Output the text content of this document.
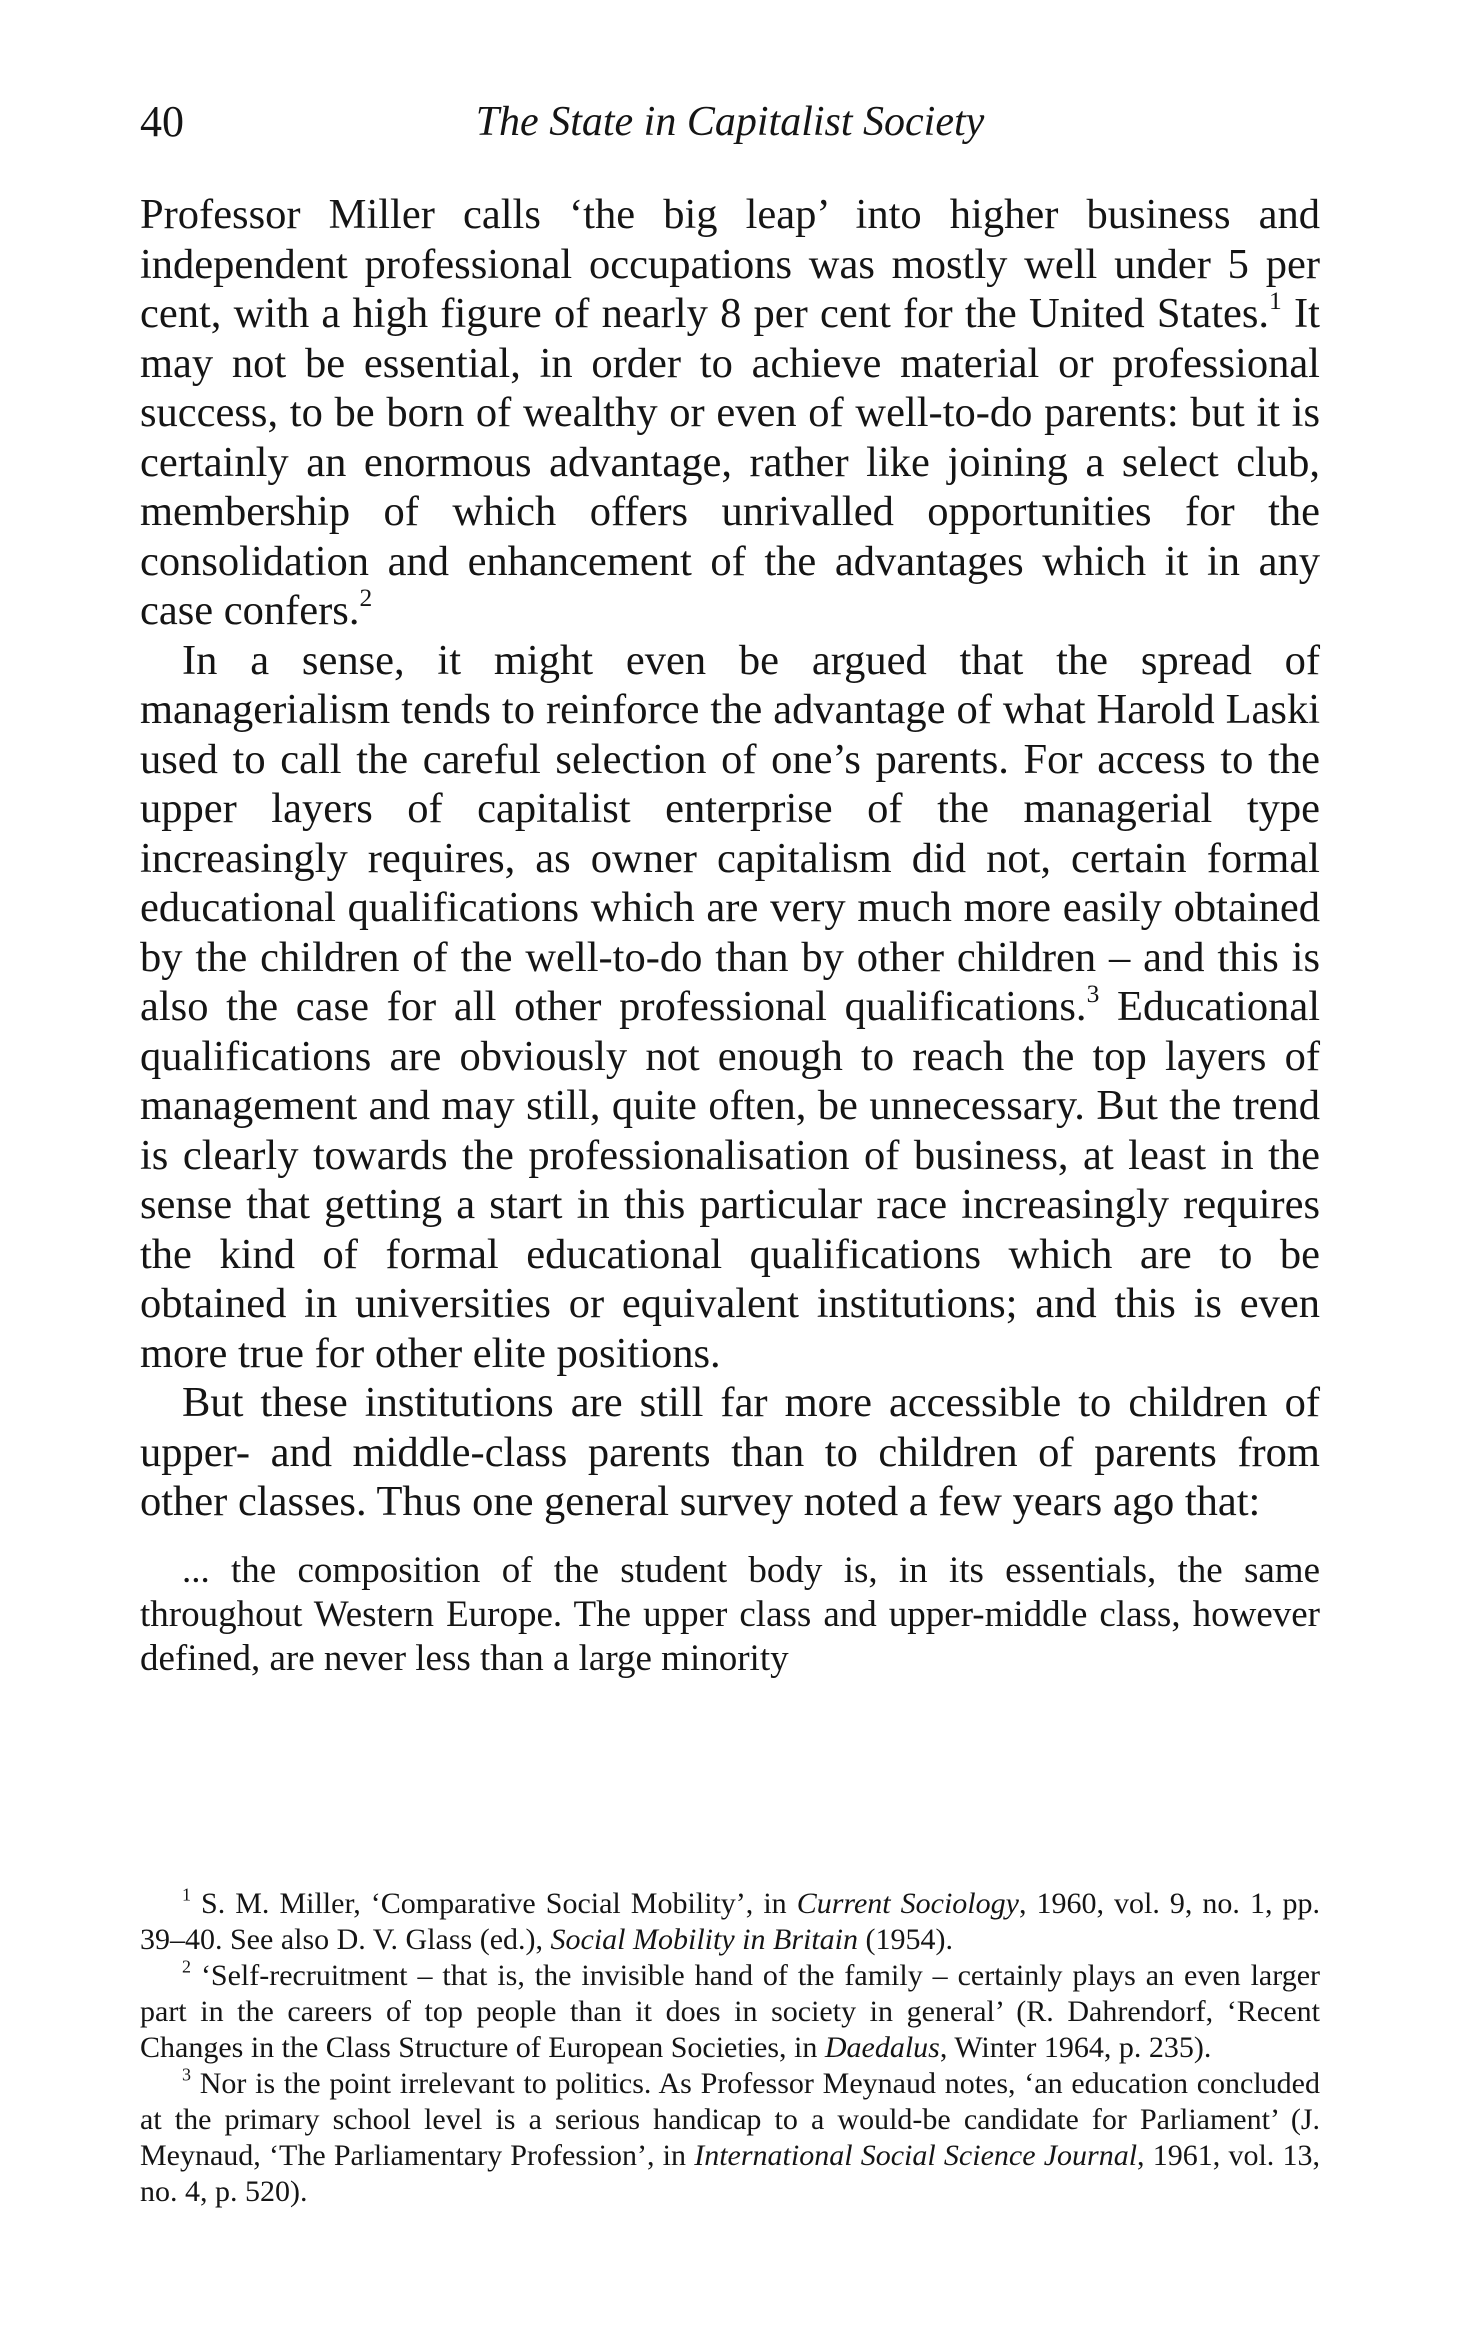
40	The State in Capitalist Society

Professor Miller calls ‘the big leap’ into higher business and independent professional occupations was mostly well under 5 per cent, with a high figure of nearly 8 per cent for the United States.$^1$ It may not be essential, in order to achieve material or professional success, to be born of wealthy or even of well-to-do parents: but it is certainly an enormous advantage, rather like joining a select club, membership of which offers unrivalled opportunities for the consolidation and enhancement of the advantages which it in any case confers.$^2$

In a sense, it might even be argued that the spread of managerialism tends to reinforce the advantage of what Harold Laski used to call the careful selection of one’s parents. For access to the upper layers of capitalist enterprise of the managerial type increasingly requires, as owner capitalism did not, certain formal educational qualifications which are very much more easily obtained by the children of the well-to-do than by other children – and this is also the case for all other professional qualifications.$^3$ Educational qualifications are obviously not enough to reach the top layers of management and may still, quite often, be unnecessary. But the trend is clearly towards the professionalisation of business, at least in the sense that getting a start in this particular race increasingly requires the kind of formal educational qualifications which are to be obtained in universities or equivalent institutions; and this is even more true for other elite positions.

But these institutions are still far more accessible to children of upper- and middle-class parents than to children of parents from other classes. Thus one general survey noted a few years ago that:

... the composition of the student body is, in its essentials, the same throughout Western Europe. The upper class and upper-middle class, however defined, are never less than a large minority

$^1$ S. M. Miller, ‘Comparative Social Mobility’, in Current Sociology, 1960, vol. 9, no. 1, pp. 39–40. See also D. V. Glass (ed.), Social Mobility in Britain (1954).

$^2$ ‘Self-recruitment – that is, the invisible hand of the family – certainly plays an even larger part in the careers of top people than it does in society in general’ (R. Dahrendorf, ‘Recent Changes in the Class Structure of European Societies, in Daedalus, Winter 1964, p. 235).

$^3$ Nor is the point irrelevant to politics. As Professor Meynaud notes, ‘an education concluded at the primary school level is a serious handicap to a would-be candidate for Parliament’ (J. Meynaud, ‘The Parliamentary Profession’, in International Social Science Journal, 1961, vol. 13, no. 4, p. 520).
